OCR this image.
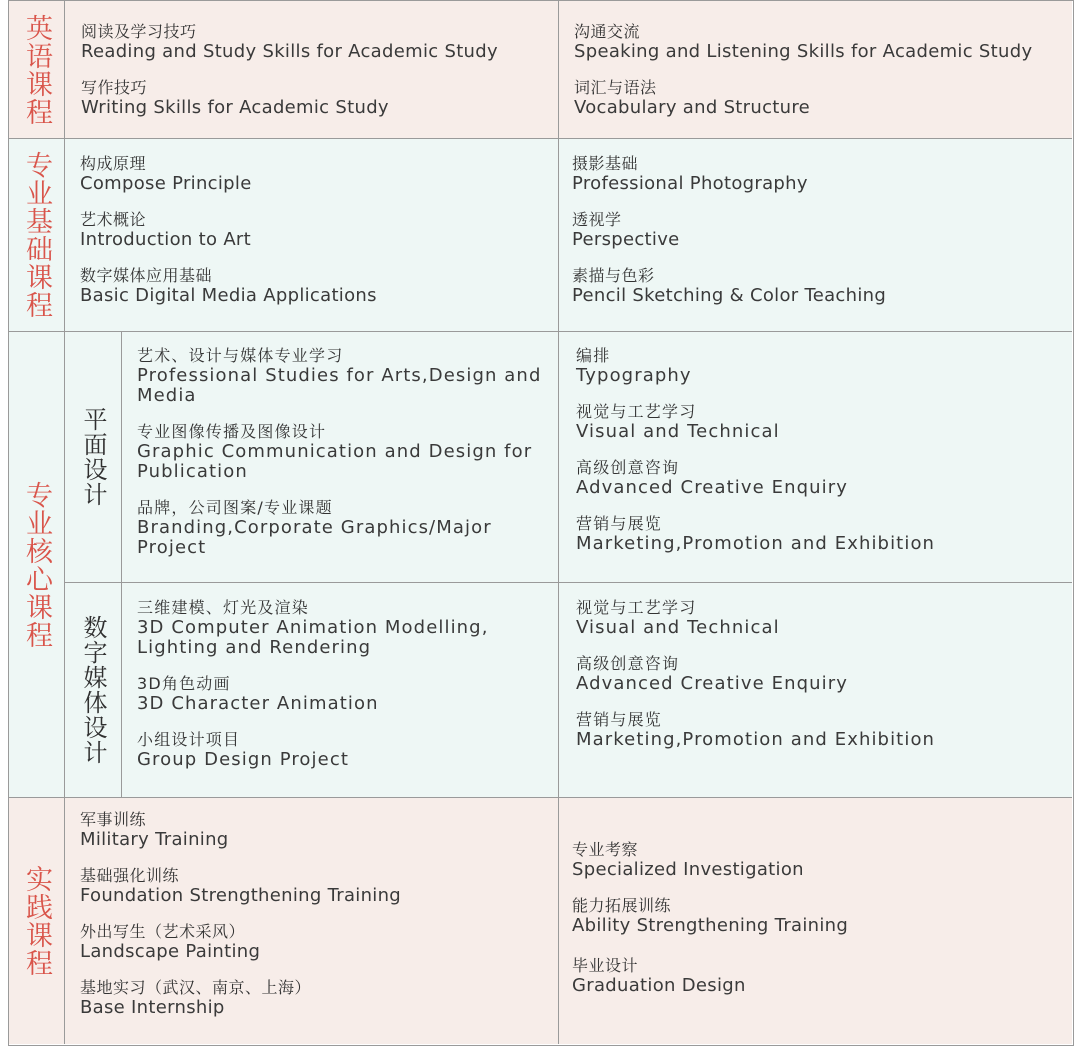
英语课程 阅读及学习技巧
Reading and Study Skills for Academic Study
写作技巧
Writing Skills for Academic Study
沟通交流
Speaking and Listening Skills for Academic Study
词汇与语法
Vocabulary and Structure
专业基础课程 构成原理
Compose Principle
艺术概论
Introduction to Art
数字媒体应用基础
Basic Digital Media Applications
摄影基础
Professional Photography
透视学
Perspective
素描与色彩
Pencil Sketching & Color Teaching
专业核心课程
平面设计
数字媒体设计
艺术、设计与媒体专业学习
Professional Studies for Arts,Design and Media
专业图像传播及图像设计
Graphic Communication and Design for Publication
品牌，公司图案/专业课题
Branding,Corporate Graphics/Major Project
编排
Typography
视觉与工艺学习
Visual and Technical
高级创意咨询
Advanced Creative Enquiry
营销与展览
Marketing,Promotion and Exhibition
三维建模、灯光及渲染
3D Computer Animation Modelling, Lighting and Rendering
3D角色动画
3D Character Animation
小组设计项目
Group Design Project
视觉与工艺学习
Visual and Technical
高级创意咨询
Advanced Creative Enquiry
营销与展览
Marketing,Promotion and Exhibition
实践课程
军事训练
Military Training
基础强化训练
Foundation Strengthening Training
外出写生（艺术采风）
Landscape Painting
基地实习（武汉、南京、上海）
Base Internship
专业考察
Specialized Investigation
能力拓展训练
Ability Strengthening Training
毕业设计
Graduation Design
